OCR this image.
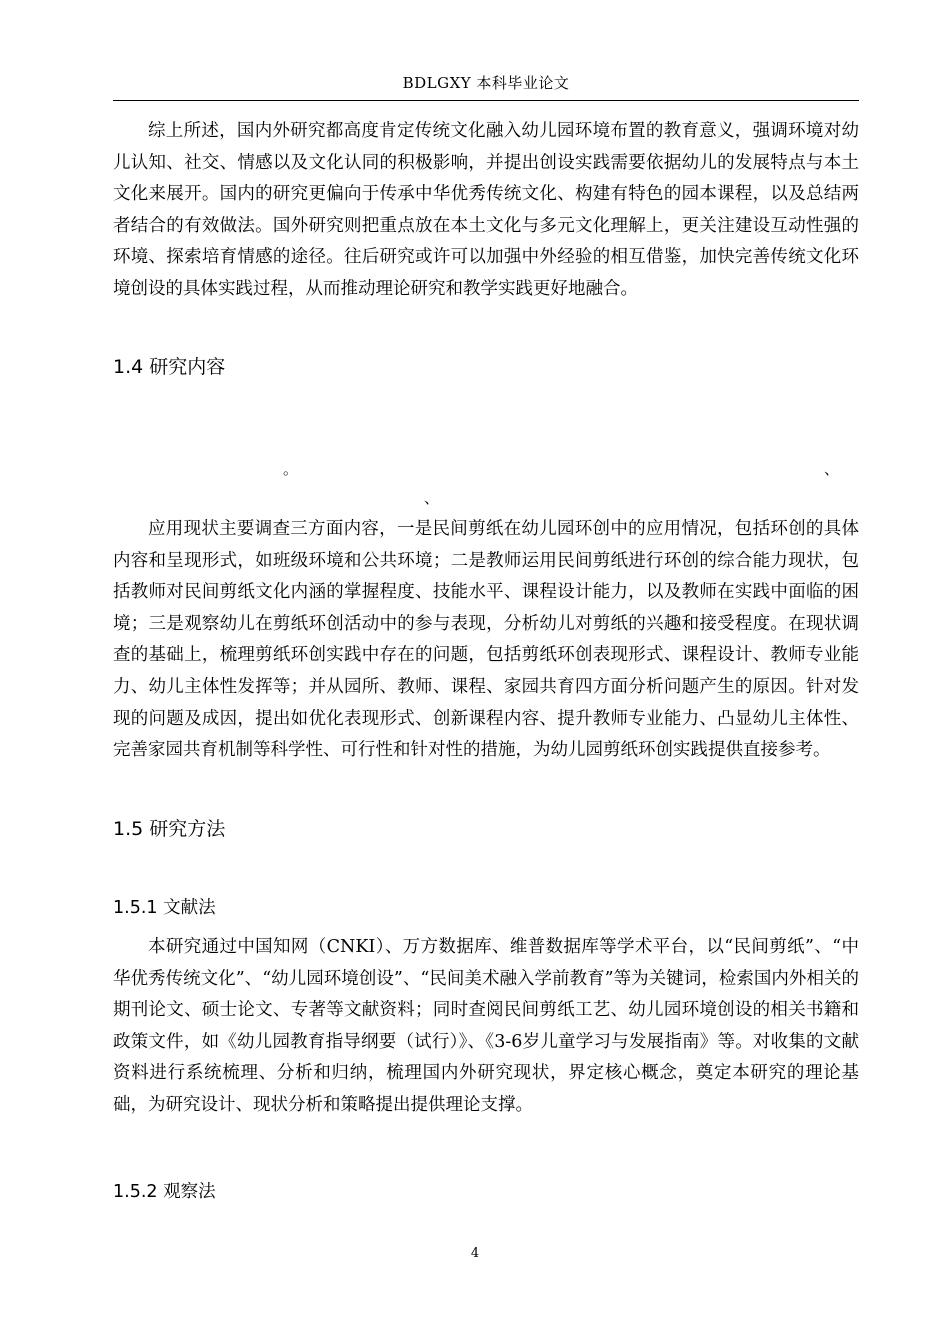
BDLGXY 本科毕业论文

综上所述，国内外研究都高度肯定传统文化融入幼儿园环境布置的教育意义，强调环境对幼儿认知、社交、情感以及文化认同的积极影响，并提出创设实践需要依据幼儿的发展特点与本土文化来展开。国内的研究更偏向于传承中华优秀传统文化、构建有特色的园本课程，以及总结两者结合的有效做法。国外研究则把重点放在本土文化与多元文化理解上，更关注建设互动性强的环境、探索培育情感的途径。往后研究或许可以加强中外经验的相互借鉴，加快完善传统文化环境创设的具体实践过程，从而推动理论研究和教学实践更好地融合。

1.4 研究内容
。	、
、

应用现状主要调查三方面内容，一是民间剪纸在幼儿园环创中的应用情况，包括环创的具体内容和呈现形式，如班级环境和公共环境；二是教师运用民间剪纸进行环创的综合能力现状，包括教师对民间剪纸文化内涵的掌握程度、技能水平、课程设计能力，以及教师在实践中面临的困境；三是观察幼儿在剪纸环创活动中的参与表现，分析幼儿对剪纸的兴趣和接受程度。在现状调查的基础上，梳理剪纸环创实践中存在的问题，包括剪纸环创表现形式、课程设计、教师专业能力、幼儿主体性发挥等；并从园所、教师、课程、家园共育四方面分析问题产生的原因。针对发现的问题及成因，提出如优化表现形式、创新课程内容、提升教师专业能力、凸显幼儿主体性、完善家园共育机制等科学性、可行性和针对性的措施，为幼儿园剪纸环创实践提供直接参考。

1.5 研究方法
1.5.1 文献法

本研究通过中国知网（CNKI）、万方数据库、维普数据库等学术平台，以“民间剪纸”、“中华优秀传统文化”、“幼儿园环境创设”、“民间美术融入学前教育”等为关键词，检索国内外相关的期刊论文、硕士论文、专著等文献资料；同时查阅民间剪纸工艺、幼儿园环境创设的相关书籍和政策文件，如《幼儿园教育指导纲要（试行）》、《3-6岁儿童学习与发展指南》等。对收集的文献资料进行系统梳理、分析和归纳，梳理国内外研究现状，界定核心概念，奠定本研究的理论基础，为研究设计、现状分析和策略提出提供理论支撑。

1.5.2 观察法
4
